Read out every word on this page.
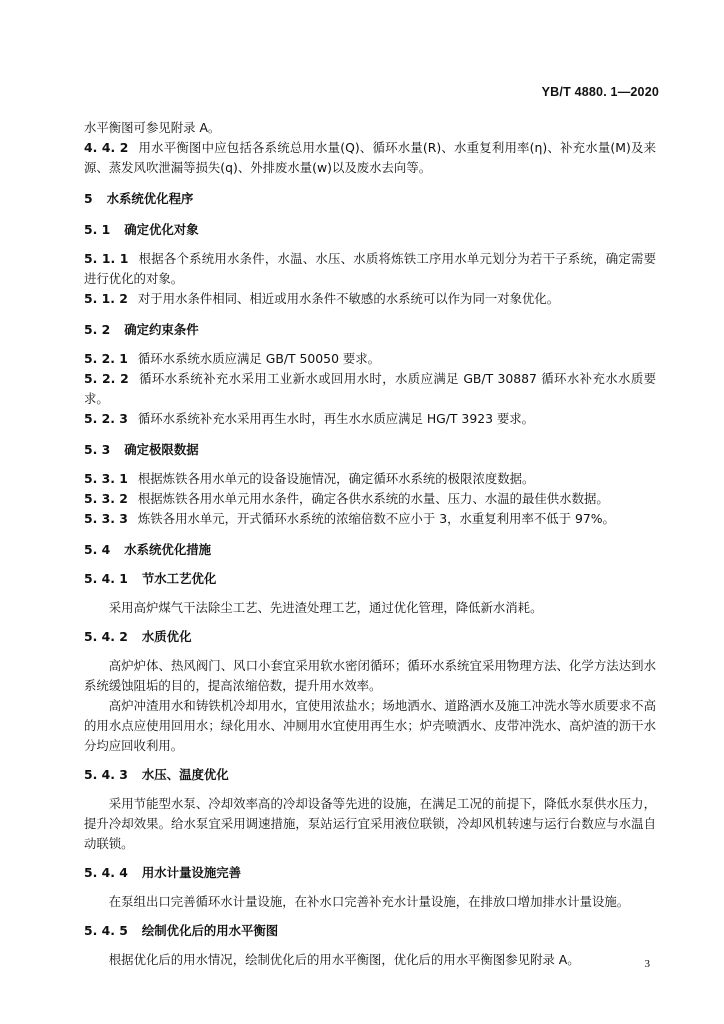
YB/T 4880. 1—2020

水平衡图可参见附录 A。

4. 4. 2 用水平衡图中应包括各系统总用水量(Q)、循环水量(R)、水重复利用率(η)、补充水量(M)及来源、蒸发风吹泄漏等损失(q)、外排废水量(w)以及废水去向等。

5 水系统优化程序

5. 1 确定优化对象

5. 1. 1 根据各个系统用水条件，水温、水压、水质将炼铁工序用水单元划分为若干子系统，确定需要进行优化的对象。

5. 1. 2 对于用水条件相同、相近或用水条件不敏感的水系统可以作为同一对象优化。

5. 2 确定约束条件

5. 2. 1 循环水系统水质应满足 GB/T 50050 要求。

5. 2. 2 循环水系统补充水采用工业新水或回用水时，水质应满足 GB/T 30887 循环水补充水水质要求。

5. 2. 3 循环水系统补充水采用再生水时，再生水水质应满足 HG/T 3923 要求。

5. 3 确定极限数据

5. 3. 1 根据炼铁各用水单元的设备设施情况，确定循环水系统的极限浓度数据。

5. 3. 2 根据炼铁各用水单元用水条件，确定各供水系统的水量、压力、水温的最佳供水数据。

5. 3. 3 炼铁各用水单元，开式循环水系统的浓缩倍数不应小于 3，水重复利用率不低于 97%。

5. 4 水系统优化措施

5. 4. 1 节水工艺优化

采用高炉煤气干法除尘工艺、先进渣处理工艺，通过优化管理，降低新水消耗。

5. 4. 2 水质优化

高炉炉体、热风阀门、风口小套宜采用软水密闭循环；循环水系统宜采用物理方法、化学方法达到水系统缓蚀阻垢的目的，提高浓缩倍数，提升用水效率。

高炉冲渣用水和铸铁机冷却用水，宜使用浓盐水；场地洒水、道路洒水及施工冲洗水等水质要求不高的用水点应使用回用水；绿化用水、冲厕用水宜使用再生水；炉壳喷洒水、皮带冲洗水、高炉渣的沥干水分均应回收利用。

5. 4. 3 水压、温度优化

采用节能型水泵、冷却效率高的冷却设备等先进的设施，在满足工况的前提下，降低水泵供水压力，提升冷却效果。给水泵宜采用调速措施，泵站运行宜采用液位联锁，冷却风机转速与运行台数应与水温自动联锁。

5. 4. 4 用水计量设施完善

在泵组出口完善循环水计量设施，在补水口完善补充水计量设施，在排放口增加排水计量设施。

5. 4. 5 绘制优化后的用水平衡图

根据优化后的用水情况，绘制优化后的用水平衡图，优化后的用水平衡图参见附录 A。	3
